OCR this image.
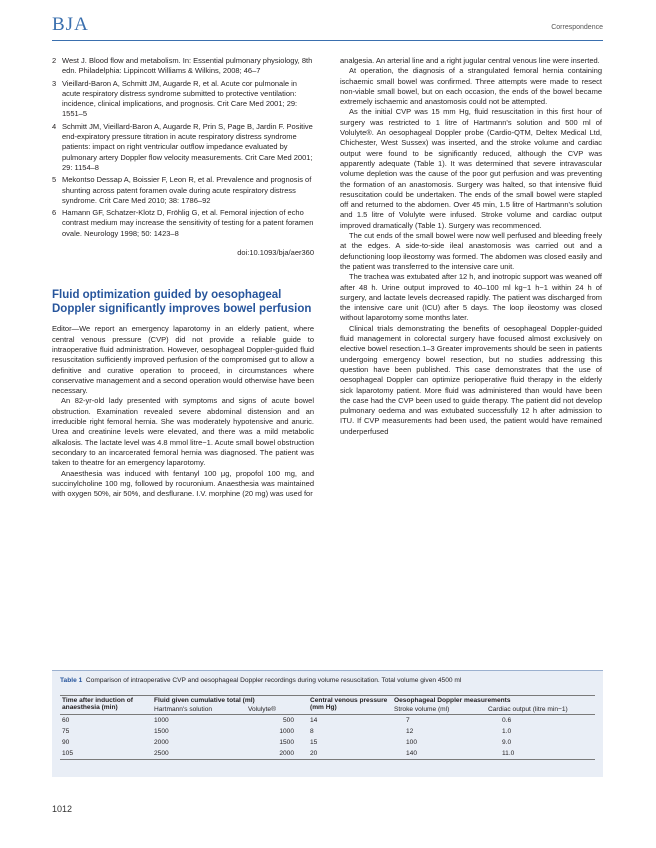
BJA	Correspondence
2 West J. Blood flow and metabolism. In: Essential pulmonary physiology, 8th edn. Philadelphia: Lippincott Williams & Wilkins, 2008; 46–7
3 Vieillard-Baron A, Schmitt JM, Augarde R, et al. Acute cor pulmonale in acute respiratory distress syndrome submitted to protective ventilation: incidence, clinical implications, and prognosis. Crit Care Med 2001; 29: 1551–5
4 Schmitt JM, Vieillard-Baron A, Augarde R, Prin S, Page B, Jardin F. Positive end-expiratory pressure titration in acute respiratory distress syndrome patients: impact on right ventricular outflow impedance evaluated by pulmonary artery Doppler flow velocity measurements. Crit Care Med 2001; 29: 1154–8
5 Mekontso Dessap A, Boissier F, Leon R, et al. Prevalence and prognosis of shunting across patent foramen ovale during acute respiratory distress syndrome. Crit Care Med 2010; 38: 1786–92
6 Hamann GF, Schatzer-Klotz D, Fröhlig G, et al. Femoral injection of echo contrast medium may increase the sensitivity of testing for a patent foramen ovale. Neurology 1998; 50: 1423–8
doi:10.1093/bja/aer360
Fluid optimization guided by oesophageal Doppler significantly improves bowel perfusion

Editor—We report an emergency laparotomy in an elderly patient, where central venous pressure (CVP) did not provide a reliable guide to intraoperative fluid administration. However, oesophageal Doppler-guided fluid resuscitation sufficiently improved perfusion of the compromised gut to allow a definitive and curative operation to proceed, in circumstances where conservative management and a second operation would otherwise have been necessary.

An 82-yr-old lady presented with symptoms and signs of acute bowel obstruction. Examination revealed severe abdominal distension and an irreducible right femoral hernia. She was moderately hypotensive and anuric. Urea and creatinine levels were elevated, and there was a mild metabolic alkalosis. The lactate level was 4.8 mmol litre−1. Acute small bowel obstruction secondary to an incarcerated femoral hernia was diagnosed. The patient was taken to theatre for an emergency laparotomy.

Anaesthesia was induced with fentanyl 100 μg, propofol 100 mg, and succinylcholine 100 mg, followed by rocuronium. Anaesthesia was maintained with oxygen 50%, air 50%, and desflurane. I.V. morphine (20 mg) was used for

analgesia. An arterial line and a right jugular central venous line were inserted.

At operation, the diagnosis of a strangulated femoral hernia containing ischaemic small bowel was confirmed. Three attempts were made to resect non-viable small bowel, but on each occasion, the ends of the bowel became extremely ischaemic and anastomosis could not be attempted.

As the initial CVP was 15 mm Hg, fluid resuscitation in this first hour of surgery was restricted to 1 litre of Hartmann's solution and 500 ml of Volulyte®. An oesophageal Doppler probe (Cardio-QTM, Deltex Medical Ltd, Chichester, West Sussex) was inserted, and the stroke volume and cardiac output were found to be significantly reduced, although the CVP was apparently adequate (Table 1). It was determined that severe intravascular volume depletion was the cause of the poor gut perfusion and was preventing the formation of an anastomosis. Surgery was halted, so that intensive fluid resuscitation could be undertaken. The ends of the small bowel were stapled off and returned to the abdomen. Over 45 min, 1.5 litre of Hartmann's solution and 1.5 litre of Volulyte were infused. Stroke volume and cardiac output improved dramatically (Table 1). Surgery was recommenced.

The cut ends of the small bowel were now well perfused and bleeding freely at the edges. A side-to-side ileal anastomosis was carried out and a defunctioning loop ileostomy was formed. The abdomen was closed easily and the patient was transferred to the intensive care unit.

The trachea was extubated after 12 h, and inotropic support was weaned off after 48 h. Urine output improved to 40–100 ml kg−1 h−1 within 24 h of surgery, and lactate levels decreased rapidly. The patient was discharged from the intensive care unit (ICU) after 5 days. The loop ileostomy was closed without laparotomy some months later.

Clinical trials demonstrating the benefits of oesophageal Doppler-guided fluid management in colorectal surgery have focused almost exclusively on elective bowel resection.1–3 Greater improvements should be seen in patients undergoing emergency bowel resection, but no studies addressing this question have been published. This case demonstrates that the use of oesophageal Doppler can optimize perioperative fluid therapy in the elderly sick laparotomy patient. More fluid was administered than would have been the case had the CVP been used to guide therapy. The patient did not develop pulmonary oedema and was extubated successfully 12 h after admission to ITU. If CVP measurements had been used, the patient would have remained underperfused

Table 1 Comparison of intraoperative CVP and oesophageal Doppler recordings during volume resuscitation. Total volume given 4500 ml
Time after induction of anaesthesia (min)	Fluid given cumulative total (ml)		Central venous pressure (mm Hg)	Oesophageal Doppler measurements	
	Hartmann's solution	Volulyte®		Stroke volume (ml)	Cardiac output (litre min−1)
60	1000	500	14	7	0.6
75	1500	1000	8	12	1.0
90	2000	1500	15	100	9.0
105	2500	2000	20	140	11.0
1012
